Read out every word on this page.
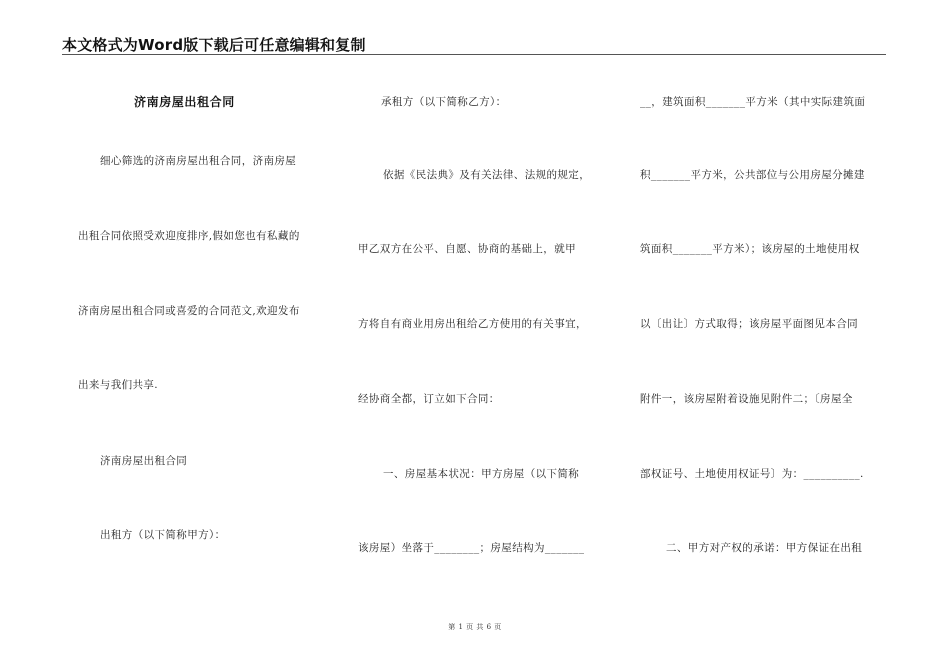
本文格式为Word版下载后可任意编辑和复制
济南房屋出租合同
细心筛选的济南房屋出租合同，济南房屋
出租合同依照受欢迎度排序,假如您也有私藏的
济南房屋出租合同或喜爱的合同范文,欢迎发布
出来与我们共享.
济南房屋出租合同
出租方（以下简称甲方）：
承租方（以下简称乙方）：
依据《民法典》及有关法律、法规的规定，
甲乙双方在公平、自愿、协商的基础上，就甲
方将自有商业用房出租给乙方使用的有关事宜，
经协商全都，订立如下合同：
一、房屋基本状况：甲方房屋（以下简称
该房屋）坐落于________；房屋结构为_______
__，建筑面积_______平方米（其中实际建筑面
积_______平方米，公共部位与公用房屋分摊建
筑面积_______平方米）；该房屋的土地使用权
以〔出让〕方式取得；该房屋平面图见本合同
附件一，该房屋附着设施见附件二；〔房屋全
部权证号、土地使用权证号〕为：__________.
二、甲方对产权的承诺：甲方保证在出租
第 1 页 共 6 页
